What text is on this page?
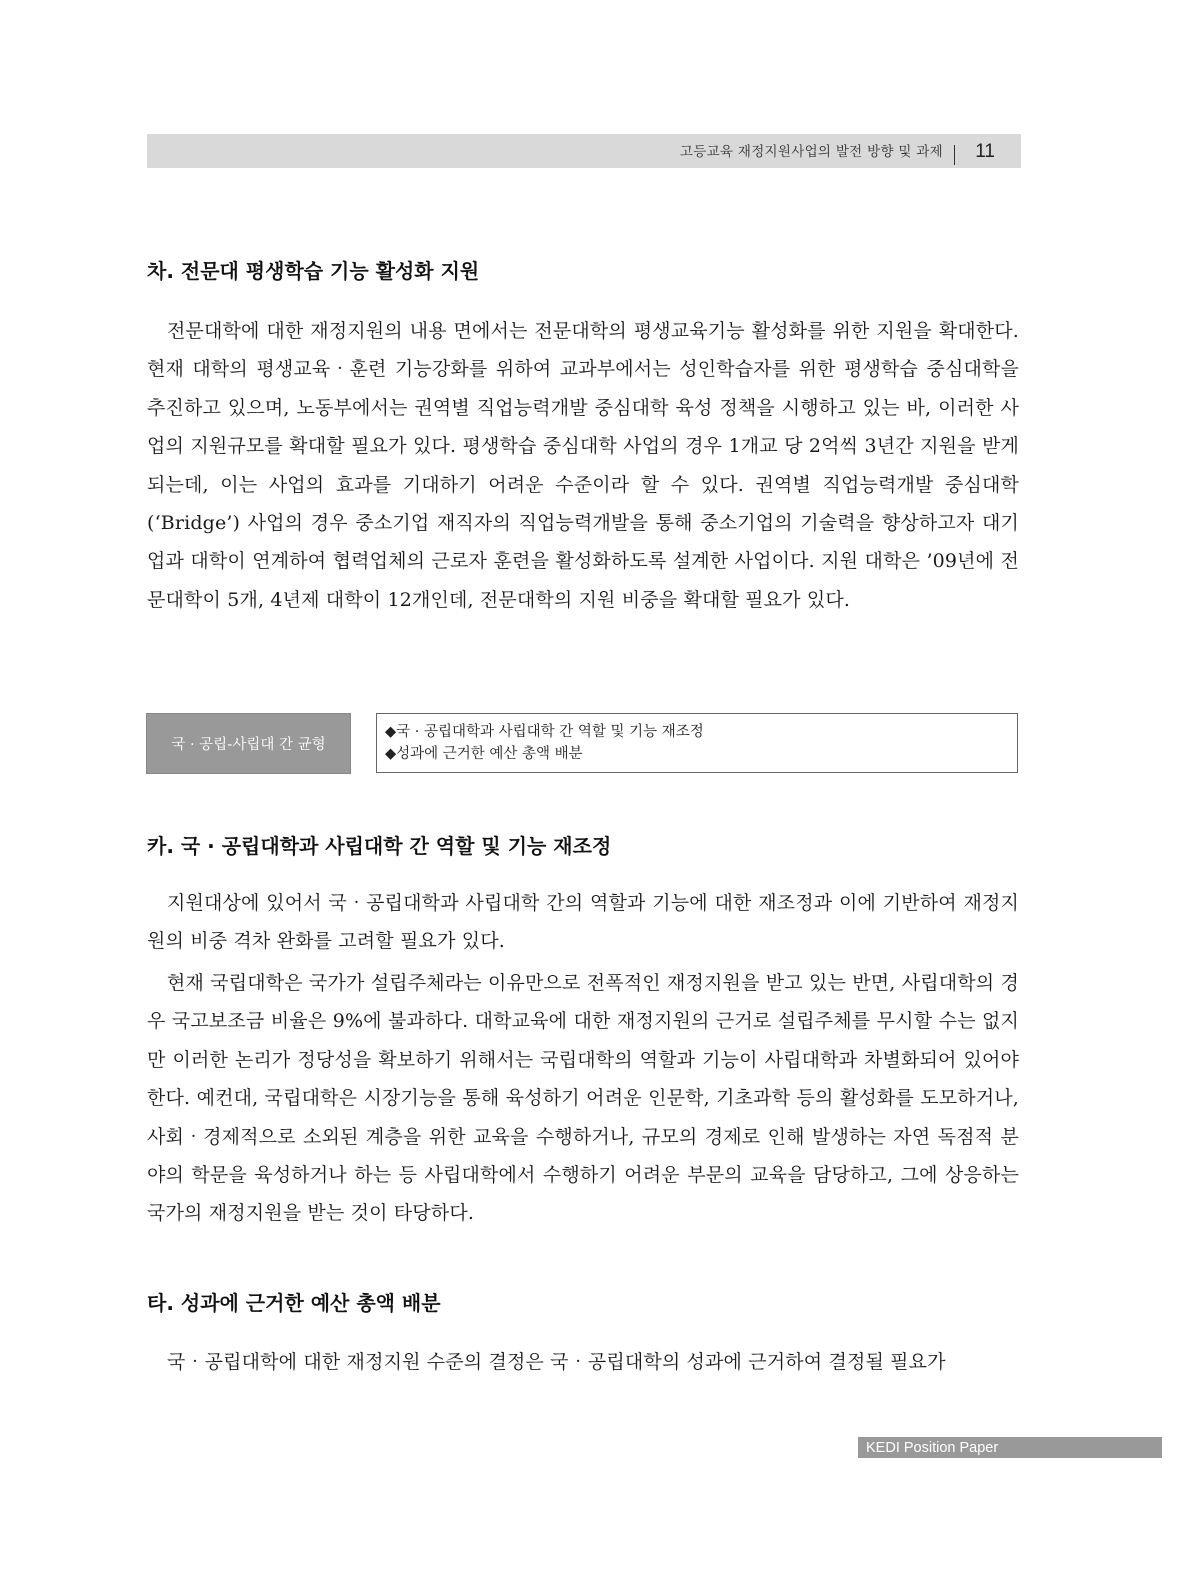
고등교육 재정지원사업의 발전 방향 및 과제 11
차. 전문대 평생학습 기능 활성화 지원

전문대학에 대한 재정지원의 내용 면에서는 전문대학의 평생교육기능 활성화를 위한 지원을 확대한다. 현재 대학의 평생교육‧훈련 기능강화를 위하여 교과부에서는 성인학습자를 위한 평생학습 중심대학을 추진하고 있으며, 노동부에서는 권역별 직업능력개발 중심대학 육성 정책을 시행하고 있는 바, 이러한 사업의 지원규모를 확대할 필요가 있다. 평생학습 중심대학 사업의 경우 1개교 당 2억씩 3년간 지원을 받게 되는데, 이는 사업의 효과를 기대하기 어려운 수준이라 할 수 있다. 권역별 직업능력개발 중심대학(‘Bridge’) 사업의 경우 중소기업 재직자의 직업능력개발을 통해 중소기업의 기술력을 향상하고자 대기업과 대학이 연계하여 협력업체의 근로자 훈련을 활성화하도록 설계한 사업이다. 지원 대학은 ’09년에 전문대학이 5개, 4년제 대학이 12개인데, 전문대학의 지원 비중을 확대할 필요가 있다.

국 · 공립-사립대 간 균형
◆국 · 공립대학과 사립대학 간 역할 및 기능 재조정
◆성과에 근거한 예산 총액 배분
카. 국 · 공립대학과 사립대학 간 역할 및 기능 재조정

지원대상에 있어서 국‧공립대학과 사립대학 간의 역할과 기능에 대한 재조정과 이에 기반하여 재정지원의 비중 격차 완화를 고려할 필요가 있다.

현재 국립대학은 국가가 설립주체라는 이유만으로 전폭적인 재정지원을 받고 있는 반면, 사립대학의 경우 국고보조금 비율은 9%에 불과하다. 대학교육에 대한 재정지원의 근거로 설립주체를 무시할 수는 없지만 이러한 논리가 정당성을 확보하기 위해서는 국립대학의 역할과 기능이 사립대학과 차별화되어 있어야 한다. 예컨대, 국립대학은 시장기능을 통해 육성하기 어려운 인문학, 기초과학 등의 활성화를 도모하거나, 사회‧경제적으로 소외된 계층을 위한 교육을 수행하거나, 규모의 경제로 인해 발생하는 자연 독점적 분야의 학문을 육성하거나 하는 등 사립대학에서 수행하기 어려운 부문의 교육을 담당하고, 그에 상응하는 국가의 재정지원을 받는 것이 타당하다.

타. 성과에 근거한 예산 총액 배분

국‧공립대학에 대한 재정지원 수준의 결정은 국‧공립대학의 성과에 근거하여 결정될 필요가

KEDI Position Paper
